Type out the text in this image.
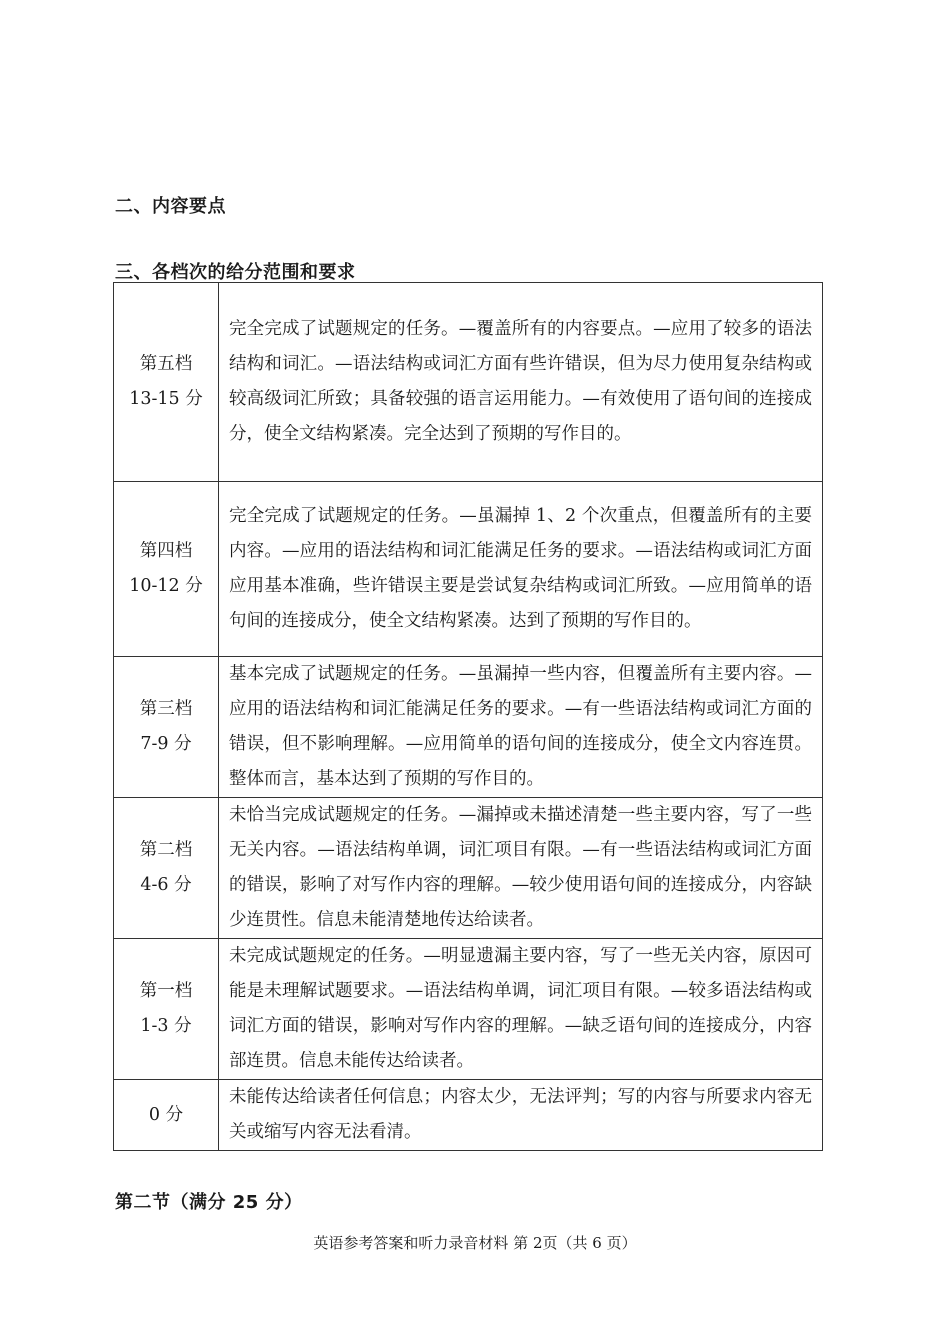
二、内容要点
三、各档次的给分范围和要求
第五档
13-15 分	完全完成了试题规定的任务。—覆盖所有的内容要点。—应用了较多的语法结构和词汇。—语法结构或词汇方面有些许错误，但为尽力使用复杂结构或较高级词汇所致；具备较强的语言运用能力。—有效使用了语句间的连接成分，使全文结构紧凑。完全达到了预期的写作目的。

第四档
10-12 分	完全完成了试题规定的任务。—虽漏掉 1、2 个次重点，但覆盖所有的主要内容。—应用的语法结构和词汇能满足任务的要求。—语法结构或词汇方面应用基本准确，些许错误主要是尝试复杂结构或词汇所致。—应用简单的语句间的连接成分，使全文结构紧凑。达到了预期的写作目的。

第三档
7-9 分	基本完成了试题规定的任务。—虽漏掉一些内容，但覆盖所有主要内容。—应用的语法结构和词汇能满足任务的要求。—有一些语法结构或词汇方面的错误，但不影响理解。—应用简单的语句间的连接成分，使全文内容连贯。整体而言，基本达到了预期的写作目的。

第二档
4-6 分	未恰当完成试题规定的任务。—漏掉或未描述清楚一些主要内容，写了一些无关内容。—语法结构单调，词汇项目有限。—有一些语法结构或词汇方面的错误，影响了对写作内容的理解。—较少使用语句间的连接成分，内容缺少连贯性。信息未能清楚地传达给读者。

第一档
1-3 分	未完成试题规定的任务。—明显遗漏主要内容，写了一些无关内容，原因可能是未理解试题要求。—语法结构单调，词汇项目有限。—较多语法结构或词汇方面的错误，影响对写作内容的理解。—缺乏语句间的连接成分，内容部连贯。信息未能传达给读者。

0 分	未能传达给读者任何信息；内容太少，无法评判；写的内容与所要求内容无关或缩写内容无法看清。
第二节（满分 25 分）
英语参考答案和听力录音材料 第 2页（共 6 页）
